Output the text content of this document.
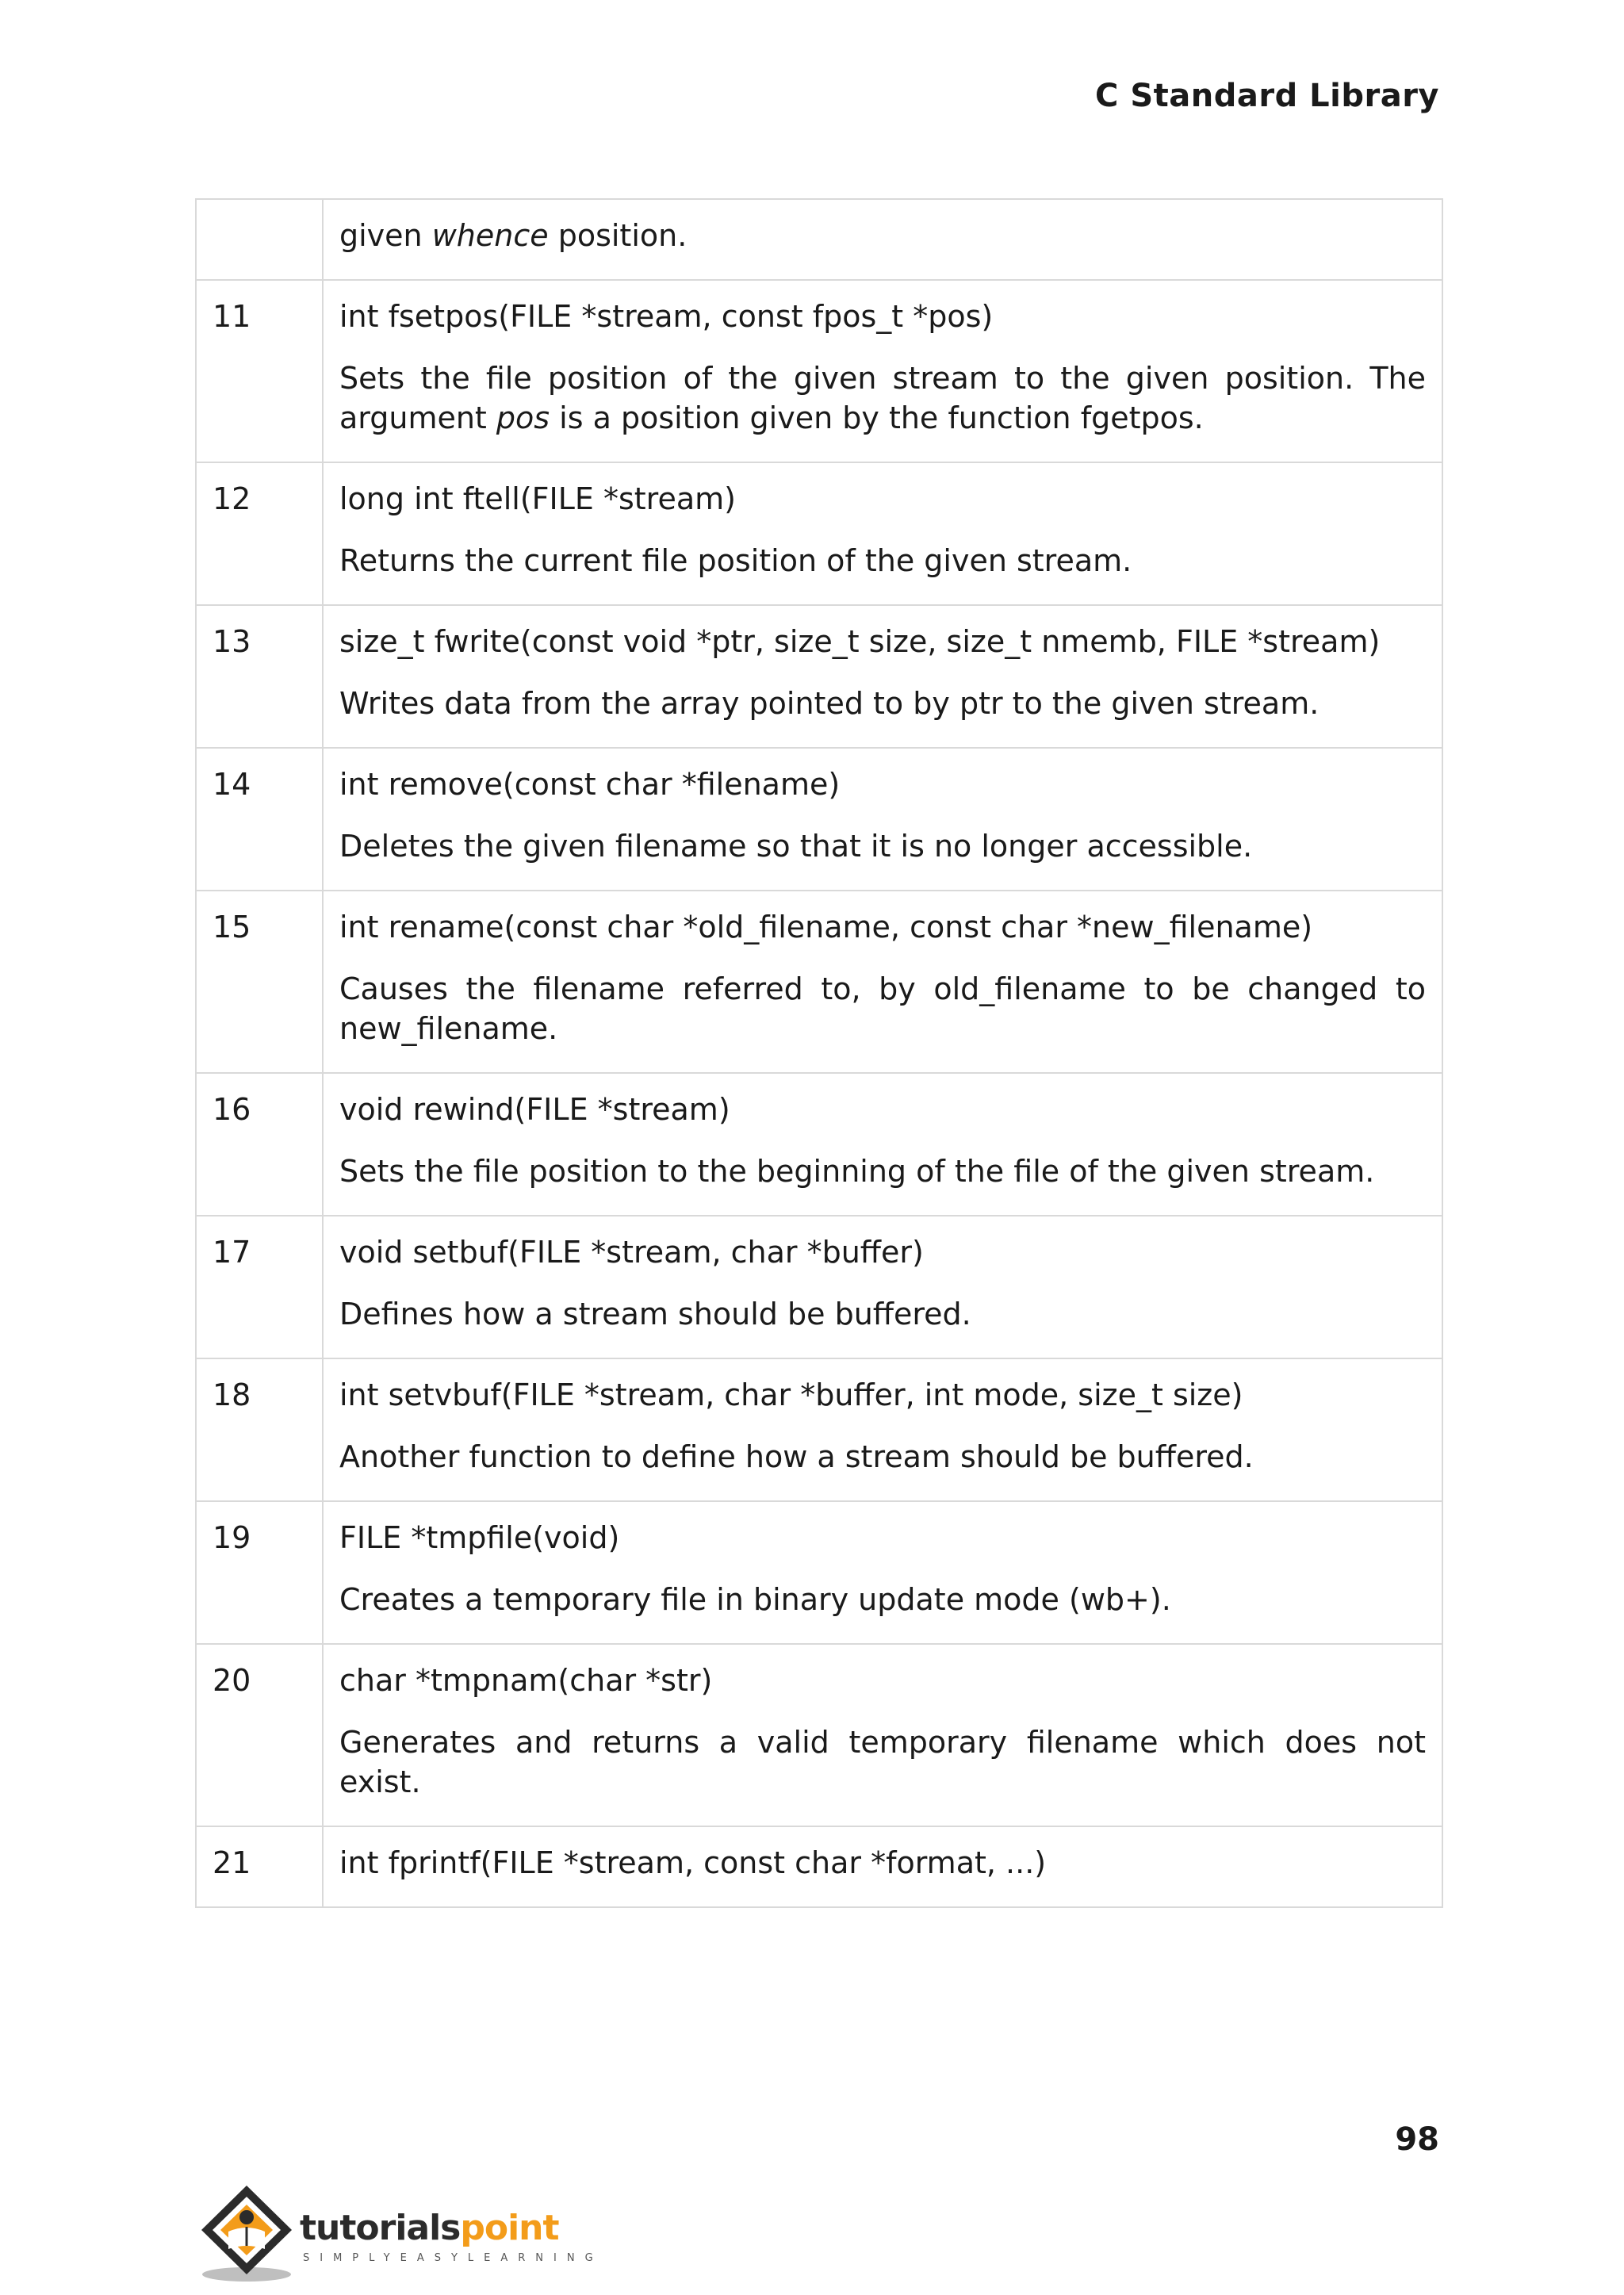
C Standard Library

	given whence position.

11	int fsetpos(FILE *stream, const fpos_t *pos)

Sets the file position of the given stream to the given position. The argument pos is a position given by the function fgetpos.

12	long int ftell(FILE *stream)

Returns the current file position of the given stream.

13	size_t fwrite(const void *ptr, size_t size, size_t nmemb, FILE *stream)

Writes data from the array pointed to by ptr to the given stream.

14	int remove(const char *filename)

Deletes the given filename so that it is no longer accessible.

15	int rename(const char *old_filename, const char *new_filename)

Causes the filename referred to, by old_filename to be changed to new_filename.

16	void rewind(FILE *stream)

Sets the file position to the beginning of the file of the given stream.

17	void setbuf(FILE *stream, char *buffer)

Defines how a stream should be buffered.

18	int setvbuf(FILE *stream, char *buffer, int mode, size_t size)

Another function to define how a stream should be buffered.

19	FILE *tmpfile(void)

Creates a temporary file in binary update mode (wb+).

20	char *tmpnam(char *str)

Generates and returns a valid temporary filename which does not exist.

21	int fprintf(FILE *stream, const char *format, ...)

98
tutorialspoint
SIMPLYEASYLEARNING
